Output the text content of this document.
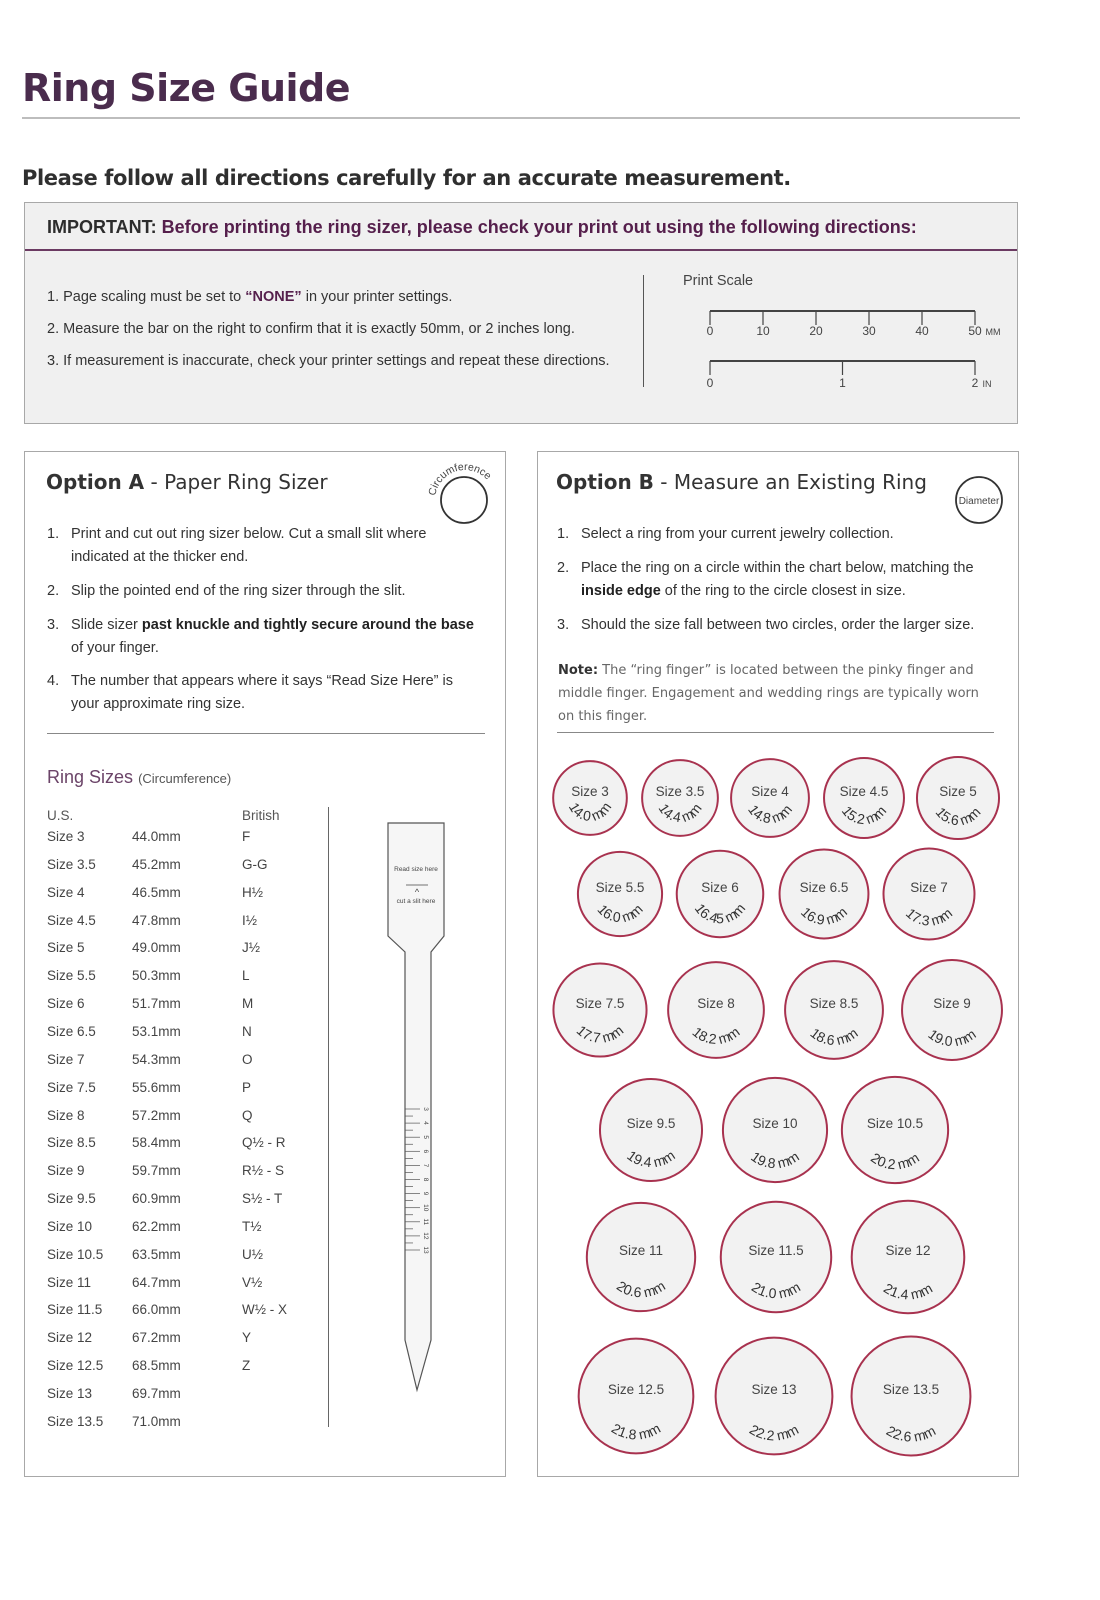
Ring Size Guide
Please follow all directions carefully for an accurate measurement.
IMPORTANT: Before printing the ring sizer, please check your print out using the following directions:
1. Page scaling must be set to “NONE” in your printer settings.
2. Measure the bar on the right to confirm that it is exactly 50mm, or 2 inches long.
3. If measurement is inaccurate, check your printer settings and repeat these directions.
Print Scale
0	10	20	30	40	50 MM
0	1	2 IN
Option A - Paper Ring Sizer	Circumference
1. Print and cut out ring sizer below. Cut a small slit where
indicated at the thicker end.
2. Slip the pointed end of the ring sizer through the slit.
3. Slide sizer past knuckle and tightly secure around the base
of your finger.
4. The number that appears where it says “Read Size Here” is
your approximate ring size.
Ring Sizes (Circumference)
U.S.	British
Size 3	44.0mm	F
Size 3.5	45.2mm	G-G
Size 4	46.5mm	H½
Size 4.5	47.8mm	I½
Size 5	49.0mm	J½
Size 5.5	50.3mm	L
Size 6	51.7mm	M
Size 6.5	53.1mm	N
Size 7	54.3mm	O
Size 7.5	55.6mm	P
Size 8	57.2mm	Q
Size 8.5	58.4mm	Q½ - R
Size 9	59.7mm	R½ - S
Size 9.5	60.9mm	S½ - T
Size 10	62.2mm	T½
Size 10.5 63.5mm	U½
Size 11	64.7mm	V½
Size 11.5 66.0mm	W½ - X
Size 12	67.2mm	Y
Size 12.5 68.5mm	Z
Size 13	69.7mm
Size 13.5 71.0mm
Read size here
^
cut a slit here
3
4
5
6
7
8
9
10
11
12
13
Option B - Measure an Existing Ring
Diameter
1. Select a ring from your current jewelry collection.
2. Place the ring on a circle within the chart below, matching the
inside edge of the ring to the circle closest in size.
3. Should the size fall between two circles, order the larger size.
Note: The “ring finger” is located between the pinky finger and middle finger. Engagement and wedding rings are typically worn on this finger.
Size 3
14.0 mm
Size 3.5
14.4 mm
Size 4
14.8 mm
Size 4.5
15.2 mm
Size 5
15.6 mm
Size 5.5
16.0 mm
Size 6
16.45 mm
Size 6.5
16.9 mm
Size 7
17.3 mm
Size 7.5
17.7 mm
Size 8
18.2 mm
Size 8.5
18.6 mm
Size 9
19.0 mm
Size 9.5
19.4 mm
Size 10
19.8 mm
Size 10.5
20.2 mm
Size 11
20.6 mm
Size 11.5
21.0 mm
Size 12
21.4 mm
Size 12.5
21.8 mm
Size 13
22.2 mm
Size 13.5
22.6 mm
